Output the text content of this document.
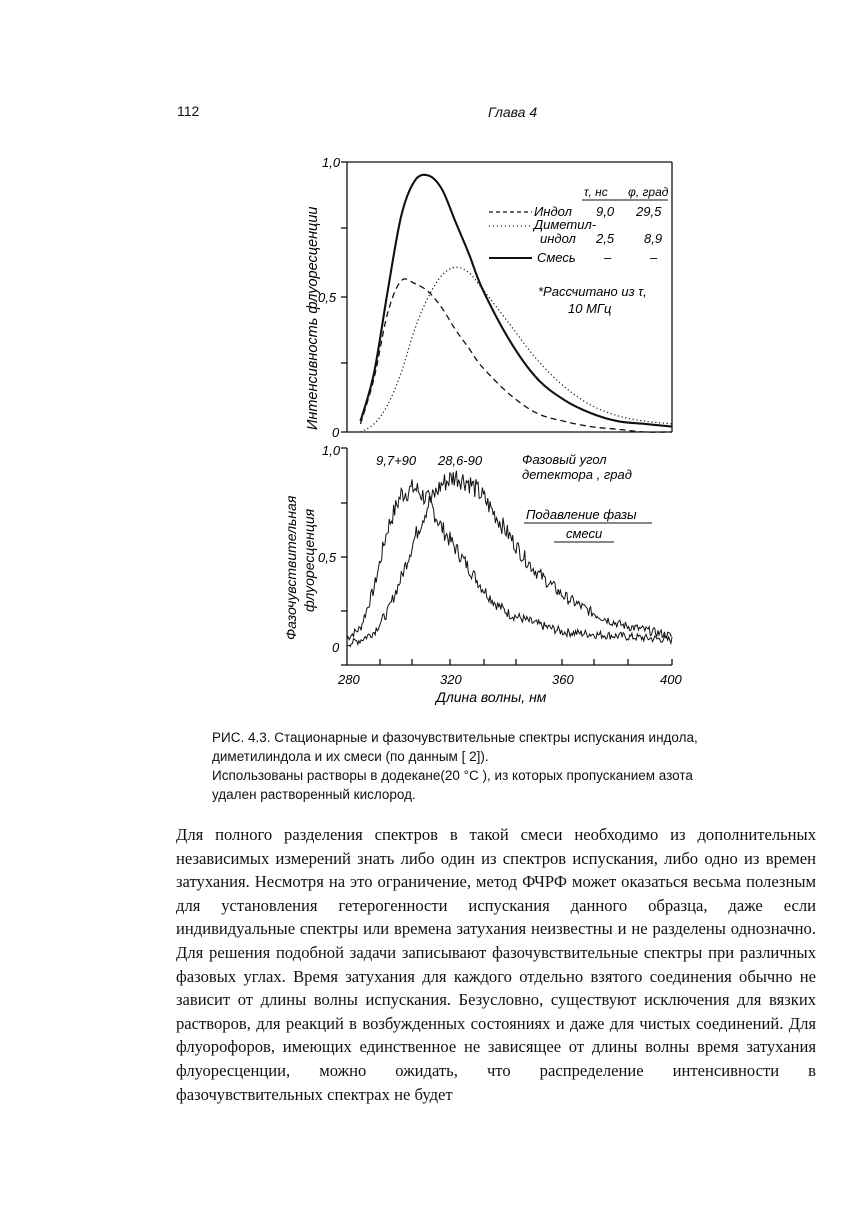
112	Глава 4
1,0
0,5
0
Интенсивность флуоресценции
τ, нс φ, град
Индол 9,0 29,5
Диметил-
индол 2,5 8,9
Смесь –	–
*Рассчитано из τ,
10 МГц
1,0
0,5
0
Фазочувствительная флуоресценция
9,7+90 28,6-90	Фазовый угол
детектора , град
Подавление фазы
смеси
280	320	360	400
Длина волны, нм
РИС. 4.3. Стационарные и фазочувствительные спектры испускания индола,
диметилиндола и их смеси (по данным [ 2]).
Использованы растворы в додекане(20 °С ), из которых пропусканием азота
удален растворенный кислород.

Для полного разделения спектров в такой смеси необходимо из дополнительных независимых измерений знать либо один из спектров испускания, либо одно из времен затухания. Несмотря на это ограничение, метод ФЧРФ может оказаться весьма полезным для установления гетерогенности испускания данного образца, даже если индивидуальные спектры или времена затухания неизвестны и не разделены однозначно. Для решения подобной задачи записывают фазочувствительные спектры при различных фазовых углах. Время затухания для каждого отдельно взятого соединения обычно не зависит от длины волны испускания. Безусловно, существуют исключения для вязких растворов, для реакций в возбужденных состояниях и даже для чистых соединений. Для флуорофоров, имеющих единственное не зависящее от длины волны время затухания флуоресценции, можно ожидать, что распределение интенсивности в фазочувствительных спектрах не будет
